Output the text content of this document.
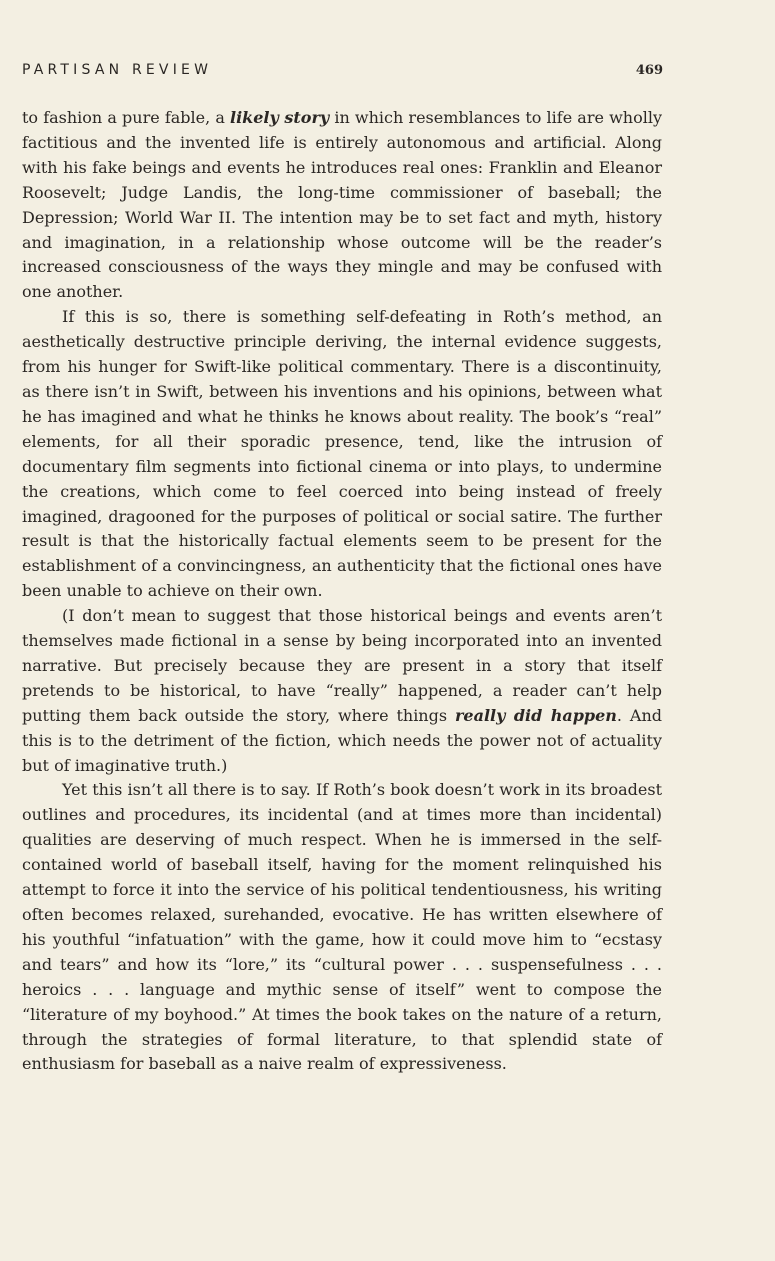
PARTISAN REVIEW	469

to fashion a pure fable, a likely story in which resemblances to life are wholly factitious and the invented life is entirely autonomous and artificial. Along with his fake beings and events he introduces real ones: Franklin and Eleanor Roosevelt; Judge Landis, the long-time commissioner of baseball; the Depression; World War II. The intention may be to set fact and myth, history and imagination, in a relationship whose outcome will be the reader’s increased consciousness of the ways they mingle and may be confused with one another.

If this is so, there is something self-defeating in Roth’s method, an aesthetically destructive principle deriving, the internal evidence suggests, from his hunger for Swift-like political commentary. There is a discontinuity, as there isn’t in Swift, between his inventions and his opinions, between what he has imagined and what he thinks he knows about reality. The book’s “real” elements, for all their sporadic presence, tend, like the intrusion of documentary film segments into fictional cinema or into plays, to undermine the creations, which come to feel coerced into being instead of freely imagined, dragooned for the purposes of political or social satire. The further result is that the historically factual elements seem to be present for the establishment of a convincingness, an authenticity that the fictional ones have been unable to achieve on their own.

(I don’t mean to suggest that those historical beings and events aren’t themselves made fictional in a sense by being incorporated into an invented narrative. But precisely because they are present in a story that itself pretends to be historical, to have “really” happened, a reader can’t help putting them back outside the story, where things really did happen. And this is to the detriment of the fiction, which needs the power not of actuality but of imaginative truth.)

Yet this isn’t all there is to say. If Roth’s book doesn’t work in its broadest outlines and procedures, its incidental (and at times more than incidental) qualities are deserving of much respect. When he is immersed in the self-contained world of baseball itself, having for the moment relinquished his attempt to force it into the service of his political tendentiousness, his writing often becomes relaxed, surehanded, evocative. He has written elsewhere of his youthful “infatuation” with the game, how it could move him to “ecstasy and tears” and how its “lore,” its “cultural power . . . suspensefulness . . . heroics . . . language and mythic sense of itself” went to compose the “literature of my boyhood.” At times the book takes on the nature of a return, through the strategies of formal literature, to that splendid state of enthusiasm for baseball as a naive realm of expressiveness.
